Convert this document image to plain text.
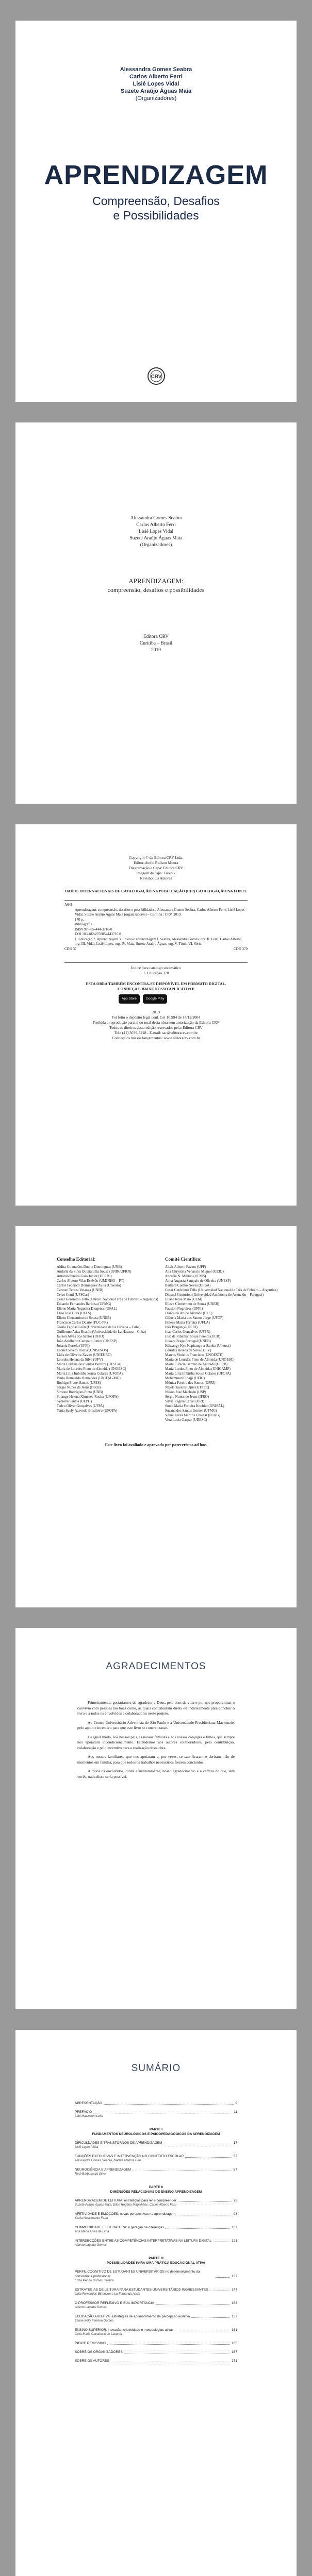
Alessandra Gomes Seabra
Carlos Alberto Ferri
Lisiê Lopes Vidal
Suzete Araújo Águas Maia
(Organizadores)
APRENDIZAGEM
Compreensão, Desafios
e Possibilidades
CRV
Alessandra Gomes Seabra
Carlos Alberto Ferri
Lisiê Lopes Vidal
Suzete Araújo Águas Maia
(Organizadores)
APRENDIZAGEM:
compreensão, desafios e possibilidades
Editora CRV
Curitiba – Brasil
2019
Copyright © da Editora CRV Ltda.
Editor-chefe: Railson Moura
Diagramação e Capa: Editora CRV
Imagem da capa: Freepik
Revisão: Os Autores
DADOS INTERNACIONAIS DE CATALOGAÇÃO NA PUBLICAÇÃO (CIP) CATALOGAÇÃO NA FONTE
A641
Aprendizagem: compreensão, desafios e possibilidades / Alessandra Gomes Seabra, Carlos Alberto Ferri, Lisiê Lopes Vidal, Suzete Araújo Águas Maia (organizadores) – Curitiba : CRV, 2019.
170 p.
Bibliografia
ISBN 978-85-444-3716-0
DOI 10.24824/978854443716.0
1. Educação 2. Aprendizagem 3. Ensino e aprendizagem I. Seabra, Alessandra Gomes. org. II. Ferri, Carlos Alberto. org. III. Vidal, Lisiê Lopes. org. IV. Maia, Suzete Araújo Águas. org. V. Título VI. Série.
CDU 37	CDD 370
Índice para catálogo sistemático
1. Educação 370
ESTA OBRA TAMBÉM ENCONTRA-SE DISPONÍVEL EM FORMATO DIGITAL.
CONHEÇA E BAIXE NOSSO APLICATIVO!
App Store	Google Play
2019
Foi feito o depósito legal conf. Lei 10.994 de 14/12/2004
Proibida a reprodução parcial ou total desta obra sem autorização da Editora CRV
Todos os direitos desta edição reservados pela: Editora CRV
Tel.: (41) 3039-6418 - E-mail: sac@editoracrv.com.br
Conheça os nossos lançamentos: www.editoracrv.com.br
Conselho Editorial:
Aldira Guimarães Duarte Domínguez (UNB)
Andréia da Silva Quintanilha Sousa (UNIR/UFRN)
Antônio Pereira Gaio Júnior (UFRRJ)
Carlos Alberto Vilar Estêvão (UMINHO – PT)
Carlos Federico Dominguez Avila (Unieuro)
Carmen Tereza Velanga (UNIR)
Celso Conti (UFSCar)
Cesar Gerónimo Tello (Univer .Nacional Três de Febrero – Argentina)
Eduardo Fernandes Barbosa (UFMG)
Elione Maria Nogueira Diogenes (UFAL)
Élsio José Corá (UFFS)
Elizeu Clementino de Souza (UNEB)
Francisco Carlos Duarte (PUC-PR)
Gloria Fariñas León (Universidade de La Havana – Cuba)
Guillermo Arias Beatón (Universidade de La Havana – Cuba)
Jailson Alves dos Santos (UFRJ)
João Adalberto Campato Junior (UNESP)
Josania Portela (UFPI)
Leonel Severo Rocha (UNISINOS)
Lídia de Oliveira Xavier (UNIEURO)
Lourdes Helena da Silva (UFV)
Maria Cristina dos Santos Bezerra (UFSCar)
Maria de Lourdes Pinto de Almeida (UNOESC)
Maria Lília Imbiriba Sousa Colares (UFOPA)
Paulo Romualdo Hernandes (UNIFAL-MG)
Rodrigo Pratte-Santos (UFES)
Sérgio Nunes de Jesus (IFRO)
Simone Rodrigues Pinto (UNB)
Solange Helena Ximenes-Rocha (UFOPA)
Sydione Santos (UEPG)
Tadeu Oliver Gonçalves (UFPA)
Tania Suely Azevedo Brasileiro (UFOPA)
Comitê Científico:
Altair Alberto Fávero (UPF)
Ana Chrystina Venancio Mignot (UERJ)
Andréia N. Militão (UEMS)
Anna Augusta Sampaio de Oliveira (UNESP)
Barbara Coelho Neves (UFBA)
Cesar Gerónimo Tello (Universidad Nacional de Três de Febrero – Argentina)
Diosnel Centurion (Universidad Autónoma de Asunción – Paraguai)
Eliane Rose Maio (UEM)
Elizeu Clementino de Souza (UNEB)
Fauston Negreiros (UFPI)
Francisco Ari de Andrade (UFC)
Gláucia Maria dos Santos Jorge (UFOP)
Helena Maria Ferreira (UFLA)
Inês Bragança (UERJ)
Jean Carlos Gonçalves (UFPR)
José de Ribamar Sousa Pereira (UCB)
Jussara Fraga Portugal (UNEB)
Kilwangy Kya Kapitango-a-Samba (Unemat)
Lourdes Helena da Silva (UFV)
Marcos Vinicius Francisco (UNOESTE)
Maria de Lourdes Pinto de Almeida (UNOESC)
Maria Eurácia Barreto de Andrade (UFRB)
Maria Lurdes Pinto de Almeida (UNICAMP)
Maria Lília Imbiriba Sousa Colares (UFOPA)
Mohammed Elhajji (UFRJ)
Mônica Pereira dos Santos (UFRJ)
Najela Tavares Ujiie (UTFPR)
Nilson José Machado (USP)
Sérgio Nunes de Jesus (IFRO)
Silvia Regina Canan (URI)
Sonia Maria Ferreira Koehler (UNISAL)
Suzana dos Santos Gomes (UFMG)
Vânia Alves Martins Chaigar (FURG)
Vera Lucia Gaspar (UDESC)
Este livro foi avaliado e aprovado por pareceristas ad hoc.
AGRADECIMENTOS

Primeiramente, gostaríamos de agradecer a Deus, pela dom da vida e por nos proporcionar o convívio com pessoas tão boas como, as quais contribuíram direta ou indiretamente para concluir o livro e a todos os envolvidos e colaboradores neste projeto.

Ao Centro Universitário Adventista de São Paulo e à Universidade Presbiteriana Mackenzie, pelo apoio e incentivo para que este livro se concretizasse.

De igual modo, aos nossos pais, às nossas famílias e aos nossos cônjuges e filhos, que sempre nos apoiaram incondicionalmente. Estendemos aos autores colaboradores, pela contribuição, colaboração e pelo incentivo para a realização desta obra.

Aos nossos familiares, que nos apoiaram e, por vezes, se sacrificaram e abriram mão de momentos em família, para que todos os trabalhos necessários fossem concluídos.

A todos os envolvidos, direta e indiretamente, nosso agradecimento e a certeza de que, sem vocês, nada disso seria possível.

SUMÁRIO
APRESENTAÇÃO	9
PREFÁCIO	11
Lúbi Mazzoleni Leite
PARTE I
FUNDAMENTOS NEUROLÓGICOS E PSICOPEDAGÓGICOS DA APRENDIZAGEM
DIFICULDADES E TRANSTORNOS DE APRENDIZAGEM	17
Lisiê Lopes Vidal
FUNÇÕES EXECUTIVAS E INTERVENÇÃO NO CONTEXTO ESCOLAR	37
Alessandra Gomes Seabra, Natália Martins Dias
NEUROCIÊNCIA E APRENDIZAGEM	57
Ruth Barbosa da Silva
PARTE II
DIMENSÕES RELACIONAIS DE ENSINO APRENDIZAGEM
APRENDIZAGEM DE LEITURA: estratégias para ler e compreender	75
Suzete Araújo Águas Maia, Elton Rogério Magalhães, Carlos Alberto Ferri
AFETIVIDADE E EMOÇÕES: novas perspectivas na aprendizagem	93
Sonia Nascimento Faria
COMPLEXIDADE E LITERATURA: a geração de diferenças	107
Ana Maria Alves de Lima
INTERSECÇÕES ENTRE AS COMPETÊNCIAS INTERPRETATIVAS NA LEITURA DIGITAL	121
Alberto Lagatta Gomes
PARTE III
POSSIBILIDADES PARA UMA PRÁTICA EDUCACIONAL ATIVA
PERFIL COGNITIVO DE ESTUDANTES UNIVERSITÁRIOS no desenvolvimento da consciência profissional	137
Edna Penha Gomes Silveira
ESTRATÉGIAS DE LEITURA PARA ESTUDANTES UNIVERSITÁRIOS INGRESSANTES	147
Lidia Fernandes Bittencourt, Lu Fernanda Assis
O PROFESSOR REFLEXIVO E SUA IMPORTÂNCIA	153
Alberto Lagatta Gomes
EDUCAÇÃO AUDITIVA: estratégias de aprimoramento da percepção auditiva	157
Eliane Kelly Ferreira Gomes
ENSINO SUPERIOR: inovação, criatividade e metodologias ativas	161
Célia Maria Cavalcanti de Lacerda
ÍNDICE REMISSIVO	165
SOBRE OS ORGANIZADORES	167
SOBRE OS AUTORES	171
